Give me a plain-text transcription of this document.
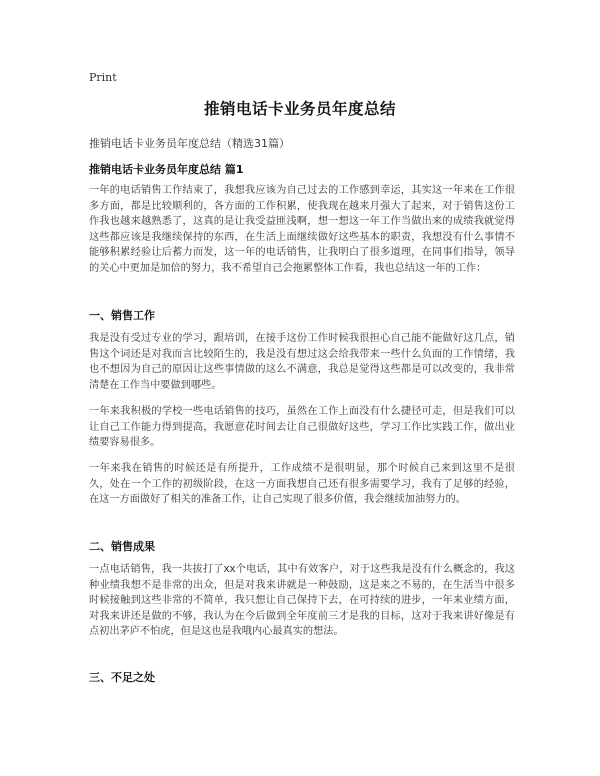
Print
推销电话卡业务员年度总结
推销电话卡业务员年度总结（精选31篇）
推销电话卡业务员年度总结 篇1

一年的电话销售工作结束了，我想我应该为自己过去的工作感到幸运，其实这一年来在工作很多方面，都是比较顺利的，各方面的工作积累，使我现在越来月强大了起来，对于销售这份工作我也越来越熟悉了，这真的是让我受益匪浅啊，想一想这一年工作当做出来的成绩我就觉得这些都应该是我继续保持的东西，在生活上面继续做好这些基本的职责，我想没有什么事情不能够积累经验让后蓄力而发，这一年的电话销售，让我明白了很多道理，在同事们指导，领导的关心中更加是加倍的努力，我不希望自己会拖累整体工作看，我也总结这一年的工作：

一、销售工作

我是没有受过专业的学习，跟培训，在接手这份工作时候我很担心自己能不能做好这几点，销售这个词还是对我而言比较陌生的，我是没有想过这会给我带来一些什么负面的工作情绪，我也不想因为自己的原因让这些事情做的这么不满意，我总是觉得这些都是可以改变的，我非常清楚在工作当中要做到哪些。

一年来我积极的学校一些电话销售的技巧，虽然在工作上面没有什么捷径可走，但是我们可以让自己工作能力得到提高，我愿意花时间去让自己很做好这些，学习工作比实践工作，做出业绩要容易很多。

一年来我在销售的时候还是有所提升，工作成绩不是很明显，那个时候自己来到这里不是很久，处在一个工作的初级阶段，在这一方面我想自己还有很多需要学习，我有了足够的经验，在这一方面做好了相关的准备工作，让自己实现了很多价值，我会继续加油努力的。

二、销售成果

一点电话销售，我一共拔打了xx个电话，其中有效客户，对于这些我是没有什么概念的，我这种业绩我想不是非常的出众，但是对我来讲就是一种鼓励，这是来之不易的，在生活当中很多时候接触到这些非常的不简单，我只想让自己保持下去，在可持续的进步，一年来业绩方面，对我来讲还是做的不够，我认为在今后做到全年度前三才是我的目标，这对于我来讲好像是有点初出茅庐不怕虎，但是这也是我哦内心最真实的想法。

三、不足之处
